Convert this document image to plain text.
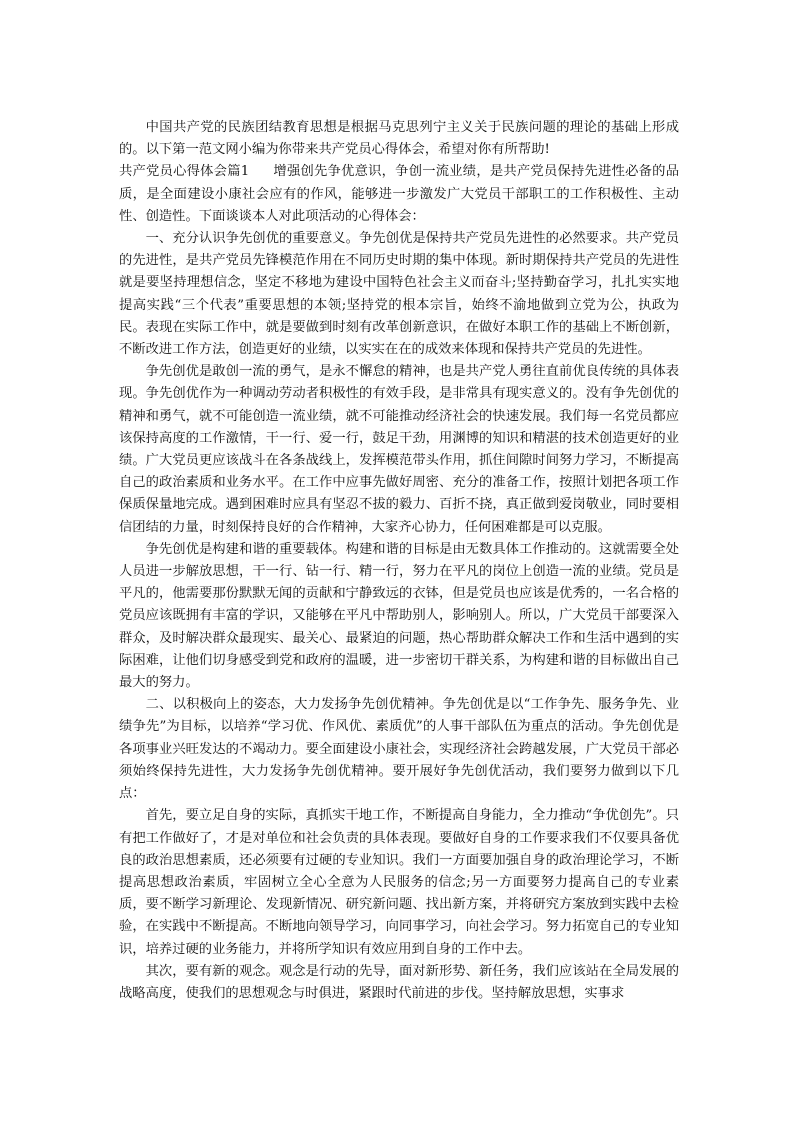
中国共产党的民族团结教育思想是根据马克思列宁主义关于民族问题的理论的基础上形成的。以下第一范文网小编为你带来共产党员心得体会，希望对你有所帮助!

共产党员心得体会篇1 增强创先争优意识，争创一流业绩，是共产党员保持先进性必备的品质，是全面建设小康社会应有的作风，能够进一步激发广大党员干部职工的工作积极性、主动性、创造性。下面谈谈本人对此项活动的心得体会：

一、充分认识争先创优的重要意义。争先创优是保持共产党员先进性的必然要求。共产党员的先进性，是共产党员先锋模范作用在不同历史时期的集中体现。新时期保持共产党员的先进性就是要坚持理想信念，坚定不移地为建设中国特色社会主义而奋斗;坚持勤奋学习，扎扎实实地提高实践“三个代表”重要思想的本领;坚持党的根本宗旨，始终不渝地做到立党为公，执政为民。表现在实际工作中，就是要做到时刻有改革创新意识，在做好本职工作的基础上不断创新，不断改进工作方法，创造更好的业绩，以实实在在的成效来体现和保持共产党员的先进性。

争先创优是敢创一流的勇气，是永不懈怠的精神，也是共产党人勇往直前优良传统的具体表现。争先创优作为一种调动劳动者积极性的有效手段，是非常具有现实意义的。没有争先创优的精神和勇气，就不可能创造一流业绩，就不可能推动经济社会的快速发展。我们每一名党员都应该保持高度的工作激情，干一行、爱一行，鼓足干劲，用渊博的知识和精湛的技术创造更好的业绩。广大党员更应该战斗在各条战线上，发挥模范带头作用，抓住间隙时间努力学习，不断提高自己的政治素质和业务水平。在工作中应事先做好周密、充分的准备工作，按照计划把各项工作保质保量地完成。遇到困难时应具有坚忍不拔的毅力、百折不挠，真正做到爱岗敬业，同时要相信团结的力量，时刻保持良好的合作精神，大家齐心协力，任何困难都是可以克服。

争先创优是构建和谐的重要载体。构建和谐的目标是由无数具体工作推动的。这就需要全处人员进一步解放思想，干一行、钻一行、精一行，努力在平凡的岗位上创造一流的业绩。党员是平凡的，他需要那份默默无闻的贡献和宁静致远的衣钵，但是党员也应该是优秀的，一名合格的党员应该既拥有丰富的学识，又能够在平凡中帮助别人，影响别人。所以，广大党员干部要深入群众，及时解决群众最现实、最关心、最紧迫的问题，热心帮助群众解决工作和生活中遇到的实际困难，让他们切身感受到党和政府的温暖，进一步密切干群关系，为构建和谐的目标做出自己最大的努力。

二、以积极向上的姿态，大力发扬争先创优精神。争先创优是以“工作争先、服务争先、业绩争先”为目标，以培养“学习优、作风优、素质优”的人事干部队伍为重点的活动。争先创优是各项事业兴旺发达的不竭动力。要全面建设小康社会，实现经济社会跨越发展，广大党员干部必须始终保持先进性，大力发扬争先创优精神。要开展好争先创优活动，我们要努力做到以下几点：

首先，要立足自身的实际，真抓实干地工作，不断提高自身能力，全力推动“争优创先”。只有把工作做好了，才是对单位和社会负责的具体表现。要做好自身的工作要求我们不仅要具备优良的政治思想素质，还必须要有过硬的专业知识。我们一方面要加强自身的政治理论学习，不断提高思想政治素质，牢固树立全心全意为人民服务的信念;另一方面要努力提高自己的专业素质，要不断学习新理论、发现新情况、研究新问题、找出新方案，并将研究方案放到实践中去检验，在实践中不断提高。不断地向领导学习，向同事学习，向社会学习。努力拓宽自己的专业知识，培养过硬的业务能力，并将所学知识有效应用到自身的工作中去。

其次，要有新的观念。观念是行动的先导，面对新形势、新任务，我们应该站在全局发展的战略高度，使我们的思想观念与时俱进，紧跟时代前进的步伐。坚持解放思想，实事求
